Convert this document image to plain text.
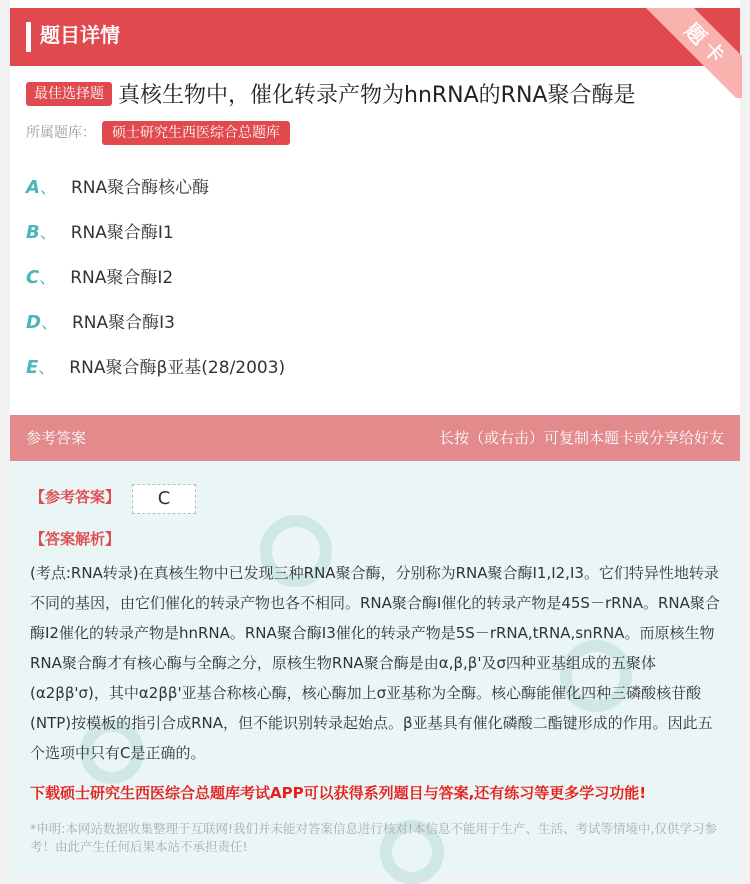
题目详情	题卡
最佳选择题 真核生物中，催化转录产物为hnRNA的RNA聚合酶是
所属题库： 硕士研究生西医综合总题库
A、 RNA聚合酶核心酶
B、 RNA聚合酶I1
C、 RNA聚合酶I2
D、 RNA聚合酶I3
E、 RNA聚合酶β亚基(28/2003)
参考答案	长按（或右击）可复制本题卡或分享给好友
【参考答案】	C
【答案解析】
(考点:RNA转录)在真核生物中已发现三种RNA聚合酶，分别称为RNA聚合酶I1,I2,I3。它们特异性地转录不同的基因，由它们催化的转录产物也各不相同。RNA聚合酶I催化的转录产物是45S－rRNA。RNA聚合酶I2催化的转录产物是hnRNA。RNA聚合酶I3催化的转录产物是5S－rRNA,tRNA,snRNA。而原核生物RNA聚合酶才有核心酶与全酶之分，原核生物RNA聚合酶是由α,β,β'及σ四种亚基组成的五聚体(α2ββ'σ)，其中α2ββ'亚基合称核心酶，核心酶加上σ亚基称为全酶。核心酶能催化四种三磷酸核苷酸(NTP)按模板的指引合成RNA，但不能识别转录起始点。β亚基具有催化磷酸二酯键形成的作用。因此五个选项中只有C是正确的。
下载硕士研究生西医综合总题库考试APP可以获得系列题目与答案,还有练习等更多学习功能!
*申明:本网站数据收集整理于互联网!我们并未能对答案信息进行核对!本信息不能用于生产、生活、考试等情境中,仅供学习参考！由此产生任何后果本站不承担责任!
